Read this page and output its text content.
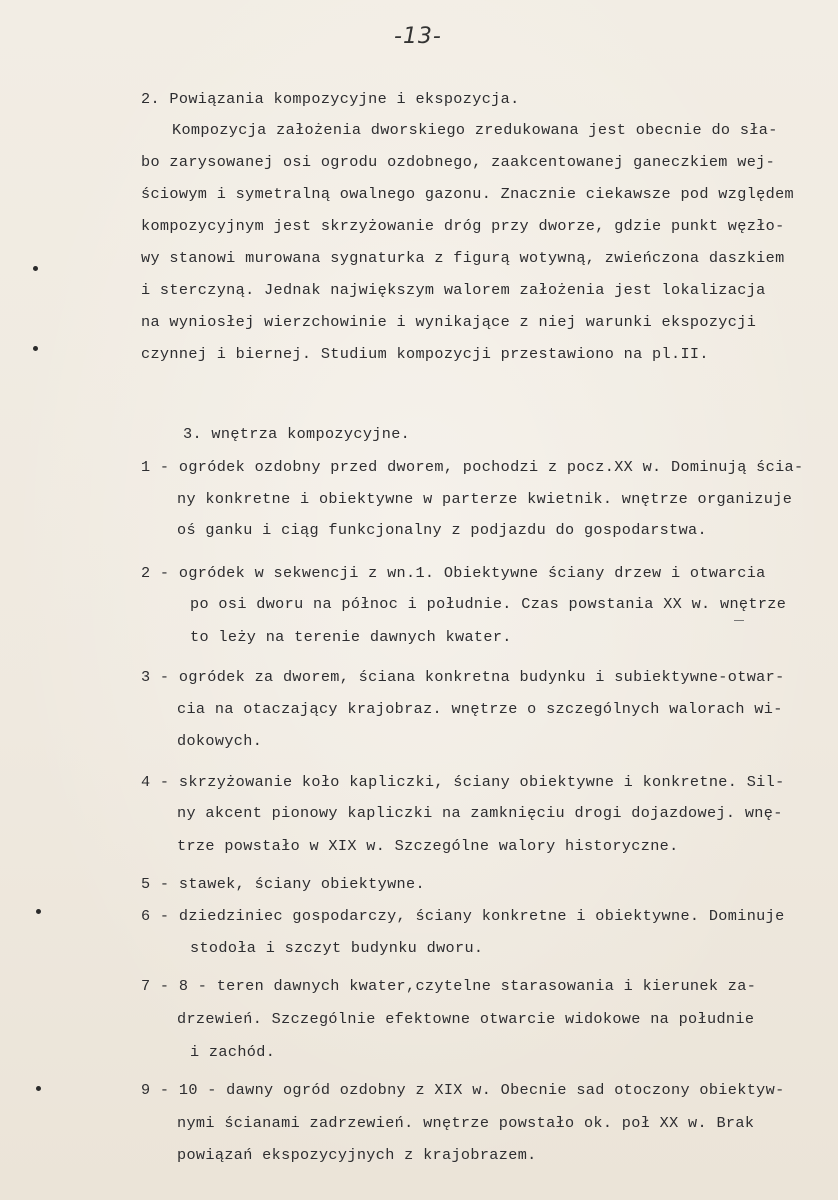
-13-
2. Powiązania kompozycyjne i ekspozycja.
Kompozycja założenia dworskiego zredukowana jest obecnie do sła-
bo zarysowanej osi ogrodu ozdobnego, zaakcentowanej ganeczkiem wej-
ściowym i symetralną owalnego gazonu. Znacznie ciekawsze pod względem
kompozycyjnym jest skrzyżowanie dróg przy dworze, gdzie punkt węzło-
wy stanowi murowana sygnaturka z figurą wotywną, zwieńczona daszkiem
i sterczyną. Jednak największym walorem założenia jest lokalizacja
na wyniosłej wierzchowinie i wynikające z niej warunki ekspozycji
czynnej i biernej. Studium kompozycji przestawiono na pl.II.
3. wnętrza kompozycyjne.
1 - ogródek ozdobny przed dworem, pochodzi z pocz.XX w. Dominują ścia-
ny konkretne i obiektywne w parterze kwietnik. wnętrze organizuje
oś ganku i ciąg funkcjonalny z podjazdu do gospodarstwa.
2 - ogródek w sekwencji z wn.1. Obiektywne ściany drzew i otwarcia
po osi dworu na północ i południe. Czas powstania XX w. wnętrze
to leży na terenie dawnych kwater.
3 - ogródek za dworem, ściana konkretna budynku i subiektywne-otwar-
cia na otaczający krajobraz. wnętrze o szczególnych walorach wi-
dokowych.
4 - skrzyżowanie koło kapliczki, ściany obiektywne i konkretne. Sil-
ny akcent pionowy kapliczki na zamknięciu drogi dojazdowej. wnę-
trze powstało w XIX w. Szczególne walory historyczne.
5 - stawek, ściany obiektywne.
6 - dziedziniec gospodarczy, ściany konkretne i obiektywne. Dominuje
stodoła i szczyt budynku dworu.
7 - 8 - teren dawnych kwater,czytelne starasowania i kierunek za-
drzewień. Szczególnie efektowne otwarcie widokowe na południe
i zachód.
9 - 10 - dawny ogród ozdobny z XIX w. Obecnie sad otoczony obiektyw-
nymi ścianami zadrzewień. wnętrze powstało ok. poł XX w. Brak
powiązań ekspozycyjnych z krajobrazem.
